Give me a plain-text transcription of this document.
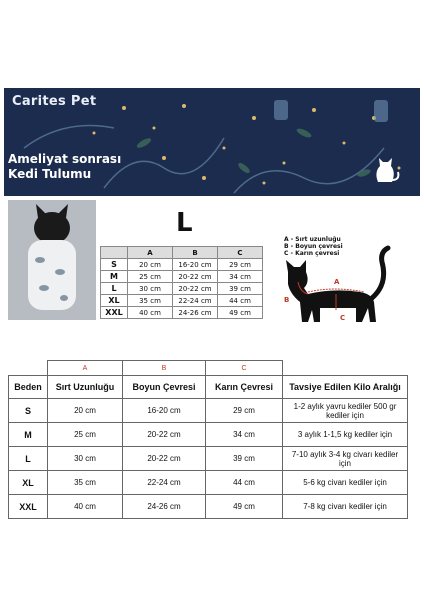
Carites Pet
Ameliyat sonrası
Kedi Tulumu
L
	A	B	C
S	20 cm	16-20 cm	29 cm
M	25 cm	20-22 cm	34 cm
L	30 cm	20-22 cm	39 cm
XL	35 cm	22-24 cm	44 cm
XXL	40 cm	24-26 cm	49 cm
B
A
C
A - Sırt uzunluğu
B - Boyun çevresi
C - Karın çevresi
	A	B	C	
Beden	Sırt Uzunluğu	Boyun Çevresi	Karın Çevresi	Tavsiye Edilen Kilo Aralığı
S	20 cm	16-20 cm	29 cm	1-2 aylık yavru kediler 500 gr kediler için
M	25 cm	20-22 cm	34 cm	3 aylık 1-1,5 kg kediler için
L	30 cm	20-22 cm	39 cm	7-10 aylık 3-4 kg civarı kediler için
XL	35 cm	22-24 cm	44 cm	5-6 kg civarı kediler için
XXL	40 cm	24-26 cm	49 cm	7-8 kg civarı kediler için
